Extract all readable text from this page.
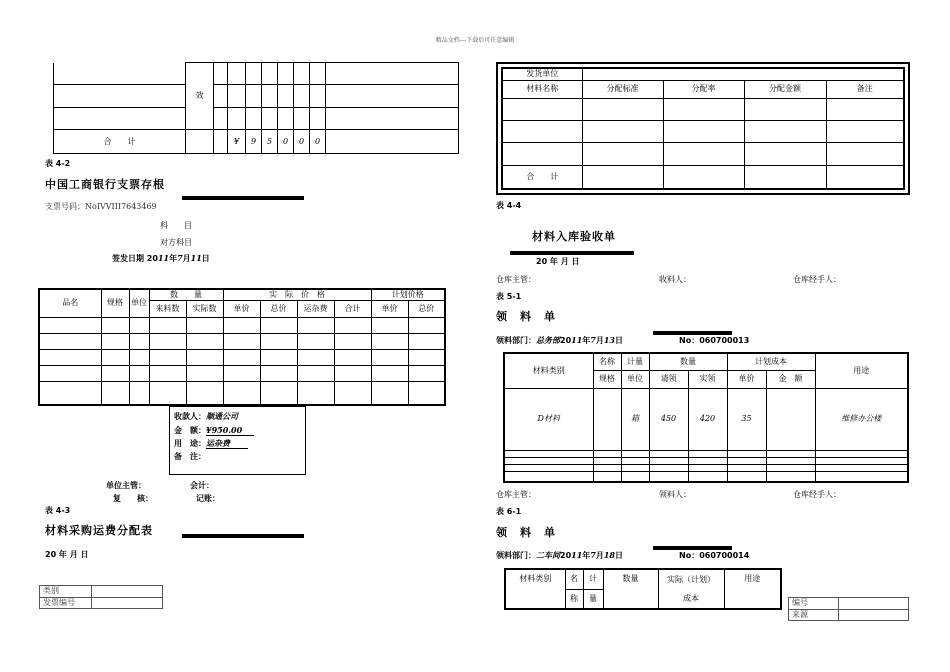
精品文档---下载后可任意编辑
	效								

合　　计			¥	9	5	0	0	0	
表 4-2
中国工商银行支票存根
支票号码：NoIVVIII7643469
科　　目
对方科目
签发日期 2011年7月11日
品名	规格	单位	数　　量		实　际　价　格				计划价格	
			来料数	实际数	单价	总价	运杂费	合计	单价	总价

收款人：顺通公司
金　额：¥950.00
用　途：运杂费
备　注：
单位主管：	会计：
复　　核：	记账：
表 4-3
材料采购运费分配表
20 年 月 日
类别	
发票编号	
发货单位				
材料名称	分配标准	分配率	分配金额	备注

合　　计				
表 4-4
材料入库验收单
20 年 月 日
仓库主管：	收料人：	仓库经手人：
表 5-1
领　料　单
领料部门：总务部2011年7月13日	No：060700013
材料类别	名称	计量	数量		计划成本		用途
	规格	单位	请领	实领	单价	金　额	
D材料		箱	450	420	35		维修办公楼

仓库主管：	领料人：	仓库经手人：
表 6-1
领　料　单
领料部门：二车间2011年7月18日	No：060700014
材料类别	名	计	数量	实际（计划）	用途
	称	量		成本	
编号	
来源	
